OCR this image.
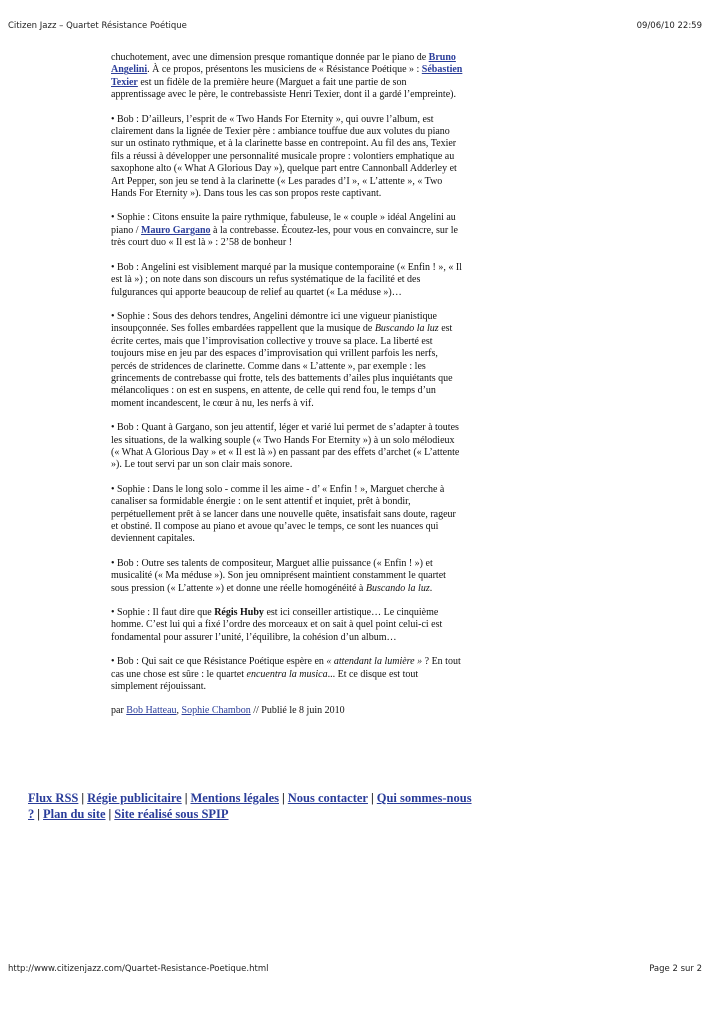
Citizen Jazz – Quartet Résistance Poétique	09/06/10 22:59

chuchotement, avec une dimension presque romantique donnée par le piano de Bruno Angelini. À ce propos, présentons les musiciens de « Résistance Poétique » : Sébastien Texier est un fidèle de la première heure (Marguet a fait une partie de son apprentissage avec le père, le contrebassiste Henri Texier, dont il a gardé l’empreinte).

• Bob : D’ailleurs, l’esprit de « Two Hands For Eternity », qui ouvre l’album, est clairement dans la lignée de Texier père : ambiance touffue due aux volutes du piano sur un ostinato rythmique, et à la clarinette basse en contrepoint. Au fil des ans, Texier fils a réussi à développer une personnalité musicale propre : volontiers emphatique au saxophone alto (« What A Glorious Day »), quelque part entre Cannonball Adderley et Art Pepper, son jeu se tend à la clarinette (« Les parades d’I », « L’attente », « Two Hands For Eternity »). Dans tous les cas son propos reste captivant.

• Sophie : Citons ensuite la paire rythmique, fabuleuse, le « couple » idéal Angelini au piano / Mauro Gargano à la contrebasse. Écoutez-les, pour vous en convaincre, sur le très court duo « Il est là » : 2’58 de bonheur !

• Bob : Angelini est visiblement marqué par la musique contemporaine (« Enfin ! », « Il est là ») ; on note dans son discours un refus systématique de la facilité et des fulgurances qui apporte beaucoup de relief au quartet (« La méduse »)…

• Sophie : Sous des dehors tendres, Angelini démontre ici une vigueur pianistique insoupçonnée. Ses folles embardées rappellent que la musique de Buscando la luz est écrite certes, mais que l’improvisation collective y trouve sa place. La liberté est toujours mise en jeu par des espaces d’improvisation qui vrillent parfois les nerfs, percés de stridences de clarinette. Comme dans « L’attente », par exemple : les grincements de contrebasse qui frotte, tels des battements d’ailes plus inquiétants que mélancoliques : on est en suspens, en attente, de celle qui rend fou, le temps d’un moment incandescent, le cœur à nu, les nerfs à vif.

• Bob : Quant à Gargano, son jeu attentif, léger et varié lui permet de s’adapter à toutes les situations, de la walking souple (« Two Hands For Eternity ») à un solo mélodieux (« What A Glorious Day » et « Il est là ») en passant par des effets d’archet (« L’attente »). Le tout servi par un son clair mais sonore.

• Sophie : Dans le long solo - comme il les aime - d’ « Enfin ! », Marguet cherche à canaliser sa formidable énergie : on le sent attentif et inquiet, prêt à bondir, perpétuellement prêt à se lancer dans une nouvelle quête, insatisfait sans doute, rageur et obstiné. Il compose au piano et avoue qu’avec le temps, ce sont les nuances qui deviennent capitales.

• Bob : Outre ses talents de compositeur, Marguet allie puissance (« Enfin ! ») et musicalité (« Ma méduse »). Son jeu omniprésent maintient constamment le quartet sous pression (« L’attente ») et donne une réelle homogénéité à Buscando la luz.

• Sophie : Il faut dire que Régis Huby est ici conseiller artistique… Le cinquième homme. C’est lui qui a fixé l’ordre des morceaux et on sait à quel point celui-ci est fondamental pour assurer l’unité, l’équilibre, la cohésion d’un album…

• Bob : Qui sait ce que Résistance Poétique espère en « attendant la lumière » ? En tout cas une chose est sûre : le quartet encuentra la musica... Et ce disque est tout simplement réjouissant.

par Bob Hatteau, Sophie Chambon // Publié le 8 juin 2010

Flux RSS | Régie publicitaire | Mentions légales | Nous contacter | Qui sommes-nous ? | Plan du site | Site réalisé sous SPIP
http://www.citizenjazz.com/Quartet-Resistance-Poetique.html	Page 2 sur 2
